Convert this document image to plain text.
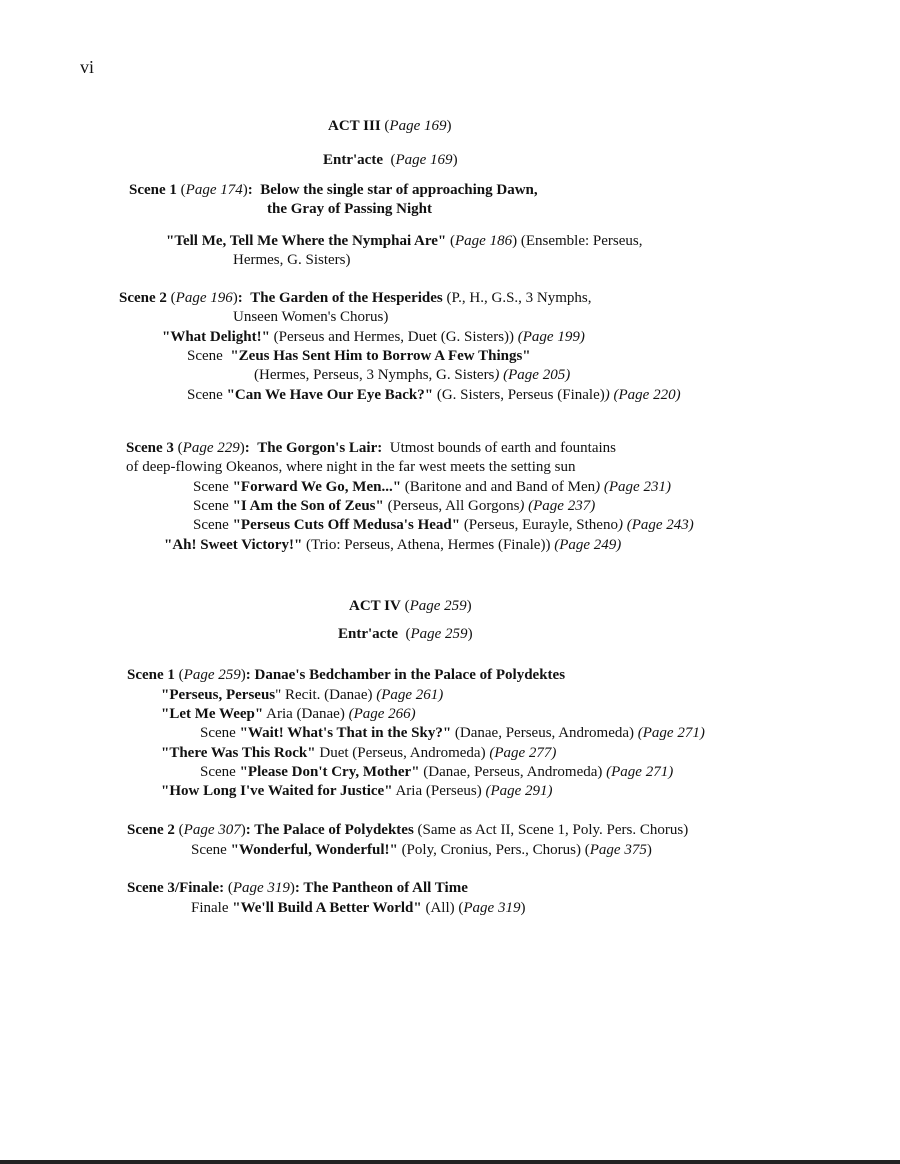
vi
ACT III (Page 169)
Entr'acte  (Page 169)
Scene 1 (Page 174): Below the single star of approaching Dawn,
the Gray of Passing Night
"Tell Me, Tell Me Where the Nymphai Are" (Page 186) (Ensemble: Perseus,
Hermes, G. Sisters)
Scene 2 (Page 196): The Garden of the Hesperides (P., H., G.S., 3 Nymphs,
Unseen Women's Chorus)
"What Delight!" (Perseus and Hermes, Duet (G. Sisters)) (Page 199)
Scene "Zeus Has Sent Him to Borrow A Few Things"
(Hermes, Perseus, 3 Nymphs, G. Sisters) (Page 205)
Scene "Can We Have Our Eye Back?" (G. Sisters, Perseus (Finale)) (Page 220)
Scene 3 (Page 229): The Gorgon's Lair: Utmost bounds of earth and fountains
of deep-flowing Okeanos, where night in the far west meets the setting sun
Scene "Forward We Go, Men..." (Baritone and and Band of Men) (Page 231)
Scene "I Am the Son of Zeus" (Perseus, All Gorgons) (Page 237)
Scene "Perseus Cuts Off Medusa's Head" (Perseus, Eurayle, Stheno) (Page 243)
"Ah! Sweet Victory!" (Trio: Perseus, Athena, Hermes (Finale)) (Page 249)
ACT IV (Page 259)
Entr'acte  (Page 259)
Scene 1 (Page 259): Danae's Bedchamber in the Palace of Polydektes
"Perseus, Perseus" Recit. (Danae) (Page 261)
"Let Me Weep" Aria (Danae) (Page 266)
Scene "Wait! What's That in the Sky?" (Danae, Perseus, Andromeda) (Page 271)
"There Was This Rock" Duet (Perseus, Andromeda) (Page 277)
Scene "Please Don't Cry, Mother" (Danae, Perseus, Andromeda) (Page 271)
"How Long I've Waited for Justice" Aria (Perseus) (Page 291)
Scene 2 (Page 307): The Palace of Polydektes (Same as Act II, Scene 1, Poly. Pers. Chorus)
Scene "Wonderful, Wonderful!" (Poly, Cronius, Pers., Chorus) (Page 375)
Scene 3/Finale: (Page 319): The Pantheon of All Time
Finale "We'll Build A Better World" (All) (Page 319)
